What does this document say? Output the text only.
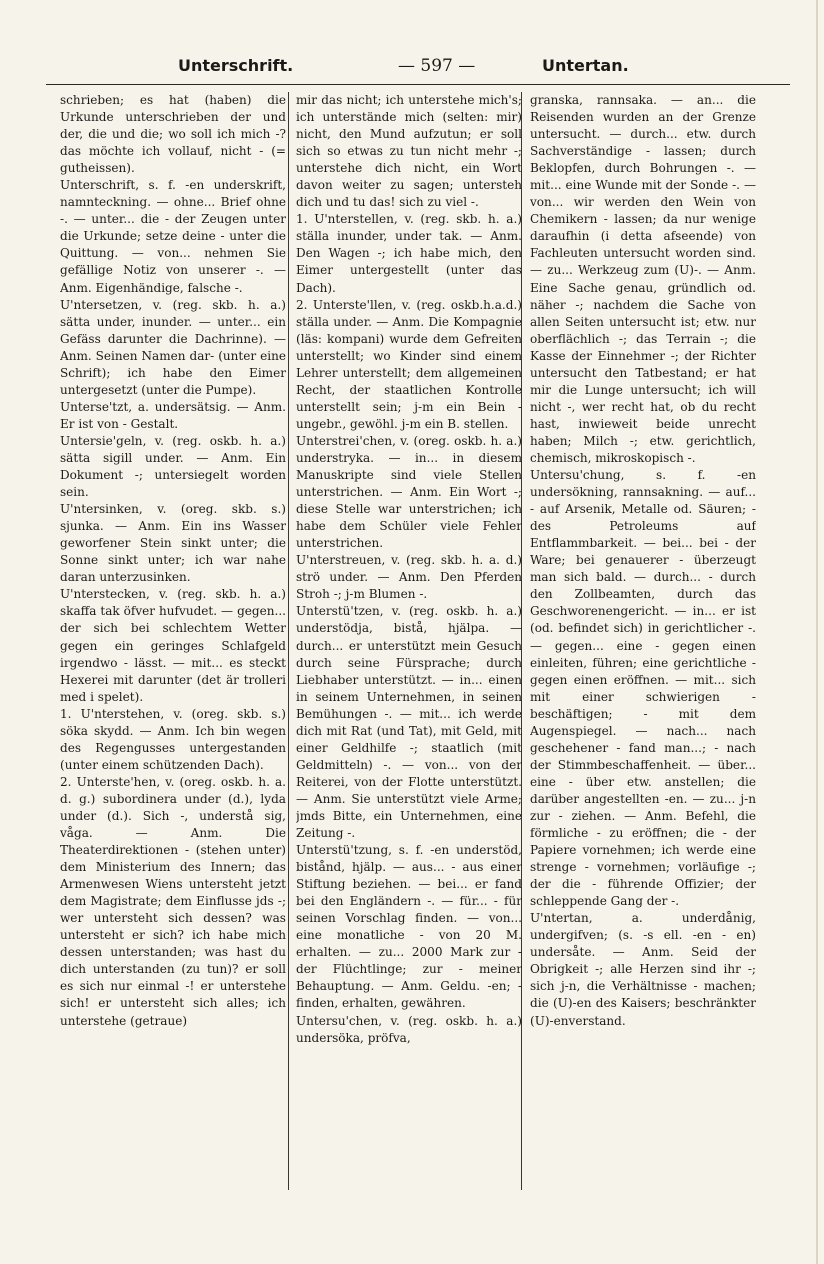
Unterschrift.	— 597 —	Untertan.

schrieben; es hat (haben) die Urkunde unterschrieben der und der, die und die; wo soll ich mich -? das möchte ich vollauf, nicht - (= gutheissen).

Unterschrift, s. f. -en underskrift, namnteckning. — ohne... Brief ohne -. — unter... die - der Zeugen unter die Urkunde; setze deine - unter die Quittung. — von... nehmen Sie gefällige Notiz von unserer -. — Anm. Eigenhändige, falsche -.

U'ntersetzen, v. (reg. skb. h. a.) sätta under, inunder. — unter... ein Gefäss darunter die Dachrinne). — Anm. Seinen Namen dar- (unter eine Schrift); ich habe den Eimer untergesetzt (unter die Pumpe).

Unterse'tzt, a. undersätsig. — Anm. Er ist von - Gestalt.

Untersie'geln, v. (reg. oskb. h. a.) sätta sigill under. — Anm. Ein Dokument -; untersiegelt worden sein.

U'ntersinken, v. (oreg. skb. s.) sjunka. — Anm. Ein ins Wasser geworfener Stein sinkt unter; die Sonne sinkt unter; ich war nahe daran unterzusinken.

U'nterstecken, v. (reg. skb. h. a.) skaffa tak öfver hufvudet. — gegen... der sich bei schlechtem Wetter gegen ein geringes Schlafgeld irgendwo - lässt. — mit... es steckt Hexerei mit darunter (det är trolleri med i spelet).

1. U'nterstehen, v. (oreg. skb. s.) söka skydd. — Anm. Ich bin wegen des Regengusses untergestanden (unter einem schützenden Dach).

2. Unterste'hen, v. (oreg. oskb. h. a. d. g.) subordinera under (d.), lyda under (d.). Sich -, understå sig, våga. — Anm. Die Theaterdirektionen - (stehen unter) dem Ministerium des Innern; das Armenwesen Wiens untersteht jetzt dem Magistrate; dem Einflusse jds -; wer untersteht sich dessen? was untersteht er sich? ich habe mich dessen unterstanden; was hast du dich unterstanden (zu tun)? er soll es sich nur einmal -! er unterstehe sich! er untersteht sich alles; ich unterstehe (getraue)

mir das nicht; ich unterstehe mich's; ich unterstände mich (selten: mir) nicht, den Mund aufzutun; er soll sich so etwas zu tun nicht mehr -; unterstehe dich nicht, ein Wort davon weiter zu sagen; untersteh dich und tu das! sich zu viel -.

1. U'nterstellen, v. (reg. skb. h. a.) ställa inunder, under tak. — Anm. Den Wagen -; ich habe mich, den Eimer untergestellt (unter das Dach).

2. Unterste'llen, v. (reg. oskb.h.a.d.) ställa under. — Anm. Die Kompagnie (läs: kompani) wurde dem Gefreiten unterstellt; wo Kinder sind einem Lehrer unterstellt; dem allgemeinen Recht, der staatlichen Kontrolle unterstellt sein; j-m ein Bein - ungebr., gewöhl. j-m ein B. stellen.

Unterstrei'chen, v. (oreg. oskb. h. a.) understryka. — in... in diesem Manuskripte sind viele Stellen unterstrichen. — Anm. Ein Wort -; diese Stelle war unterstrichen; ich habe dem Schüler viele Fehler unterstrichen.

U'nterstreuen, v. (reg. skb. h. a. d.) strö under. — Anm. Den Pferden Stroh -; j-m Blumen -.

Unterstü'tzen, v. (reg. oskb. h. a.) understödja, bistå, hjälpa. — durch... er unterstützt mein Gesuch durch seine Fürsprache; durch Liebhaber unterstützt. — in... einen in seinem Unternehmen, in seinen Bemühungen -. — mit... ich werde dich mit Rat (und Tat), mit Geld, mit einer Geldhilfe -; staatlich (mit Geldmitteln) -. — von... von der Reiterei, von der Flotte unterstützt. — Anm. Sie unterstützt viele Arme; jmds Bitte, ein Unternehmen, eine Zeitung -.

Unterstü'tzung, s. f. -en understöd, bistånd, hjälp. — aus... - aus einer Stiftung beziehen. — bei... er fand bei den Engländern -. — für... - für seinen Vorschlag finden. — von... eine monatliche - von 20 M. erhalten. — zu... 2000 Mark zur - der Flüchtlinge; zur - meiner Behauptung. — Anm. Geldu. -en; - finden, erhalten, gewähren.

Untersu'chen, v. (reg. oskb. h. a.) undersöka, pröfva,

granska, rannsaka. — an... die Reisenden wurden an der Grenze untersucht. — durch... etw. durch Sachverständige - lassen; durch Beklopfen, durch Bohrungen -. — mit... eine Wunde mit der Sonde -. — von... wir werden den Wein von Chemikern - lassen; da nur wenige daraufhin (i detta afseende) von Fachleuten untersucht worden sind. — zu... Werkzeug zum (U)-. — Anm. Eine Sache genau, gründlich od. näher -; nachdem die Sache von allen Seiten untersucht ist; etw. nur oberflächlich -; das Terrain -; die Kasse der Einnehmer -; der Richter untersucht den Tatbestand; er hat mir die Lunge untersucht; ich will nicht -, wer recht hat, ob du recht hast, inwieweit beide unrecht haben; Milch -; etw. gerichtlich, chemisch, mikroskopisch -.

Untersu'chung, s. f. -en undersökning, rannsakning. — auf... - auf Arsenik, Metalle od. Säuren; - des Petroleums auf Entflammbarkeit. — bei... bei - der Ware; bei genauerer - überzeugt man sich bald. — durch... - durch den Zollbeamten, durch das Geschworenengericht. — in... er ist (od. befindet sich) in gerichtlicher -. — gegen... eine - gegen einen einleiten, führen; eine gerichtliche - gegen einen eröffnen. — mit... sich mit einer schwierigen - beschäftigen; - mit dem Augenspiegel. — nach... nach geschehener - fand man...; - nach der Stimmbeschaffenheit. — über... eine - über etw. anstellen; die darüber angestellten -en. — zu... j-n zur - ziehen. — Anm. Befehl, die förmliche - zu eröffnen; die - der Papiere vornehmen; ich werde eine strenge - vornehmen; vorläufige -; der die - führende Offizier; der schleppende Gang der -.

U'ntertan, a. underdånig, undergifven; (s. -s ell. -en - en) undersåte. — Anm. Seid der Obrigkeit -; alle Herzen sind ihr -; sich j-n, die Verhältnisse - machen; die (U)-en des Kaisers; beschränkter (U)-enverstand.
